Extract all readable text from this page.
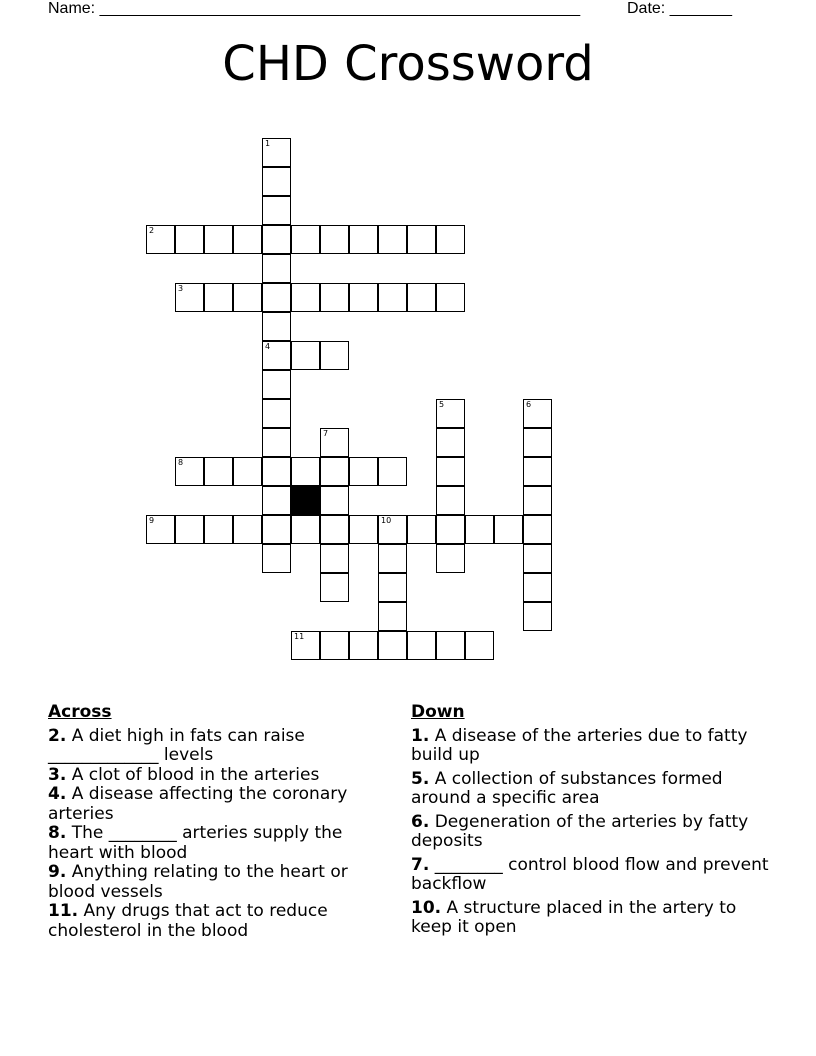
Name: ______________________________________________________	Date: _______
CHD Crossword
1
4
2
3
5	6
7
8
9	10
11
Across
2. A diet high in fats can raise _____________ levels
3. A clot of blood in the arteries
4. A disease affecting the coronary arteries
8. The ________ arteries supply the heart with blood
9. Anything relating to the heart or blood vessels
11. Any drugs that act to reduce cholesterol in the blood
Down
1. A disease of the arteries due to fatty build up
5. A collection of substances formed around a specific area
6. Degeneration of the arteries by fatty deposits
7. ________ control blood flow and prevent backflow
10. A structure placed in the artery to keep it open
